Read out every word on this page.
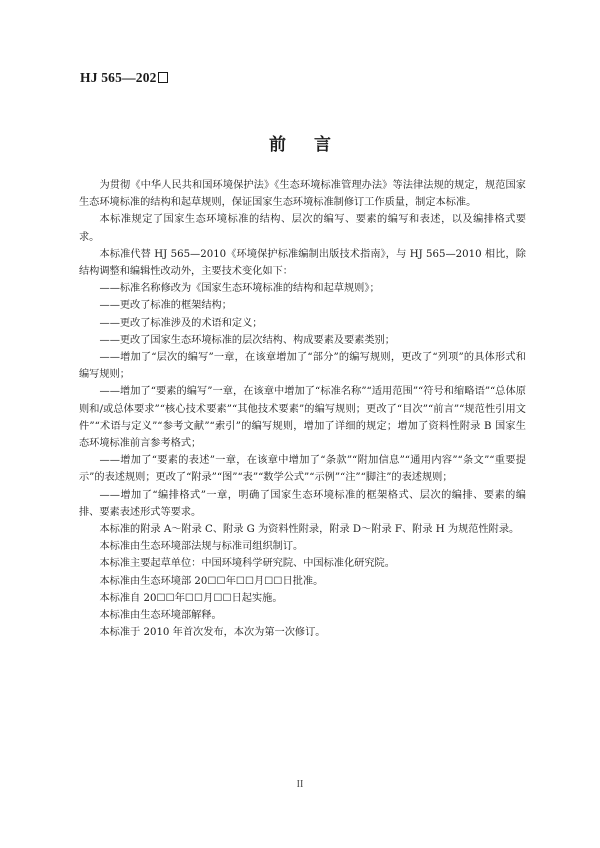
HJ 565—202
前 言

为贯彻《中华人民共和国环境保护法》《生态环境标准管理办法》等法律法规的规定，规范国家生态环境标准的结构和起草规则，保证国家生态环境标准制修订工作质量，制定本标准。

本标准规定了国家生态环境标准的结构、层次的编写、要素的编写和表述，以及编排格式要求。

本标准代替 HJ 565—2010《环境保护标准编制出版技术指南》，与 HJ 565—2010 相比，除结构调整和编辑性改动外，主要技术变化如下：

——标准名称修改为《国家生态环境标准的结构和起草规则》；

——更改了标准的框架结构；

——更改了标准涉及的术语和定义；

——更改了国家生态环境标准的层次结构、构成要素及要素类别；

——增加了“层次的编写”一章，在该章增加了“部分”的编写规则，更改了“列项”的具体形式和编写规则；

——增加了“要素的编写”一章，在该章中增加了“标准名称”“适用范围”“符号和缩略语”“总体原则和/或总体要求”“核心技术要素”“其他技术要素”的编写规则；更改了“目次”“前言”“规范性引用文件”“术语与定义”“参考文献”“索引”的编写规则，增加了详细的规定；增加了资料性附录 B 国家生态环境标准前言参考格式；

——增加了“要素的表述”一章，在该章中增加了“条款”“附加信息”“通用内容”“条文”“重要提示”的表述规则；更改了“附录”“图”“表”“数学公式”“示例”“注”“脚注”的表述规则；

——增加了“编排格式”一章，明确了国家生态环境标准的框架格式、层次的编排、要素的编排、要素表述形式等要求。

本标准的附录 A～附录 C、附录 G 为资料性附录，附录 D～附录 F、附录 H 为规范性附录。

本标准由生态环境部法规与标准司组织制订。

本标准主要起草单位：中国环境科学研究院、中国标准化研究院。

本标准由生态环境部 20☐☐年☐☐月☐☐日批准。

本标准自 20☐☐年☐☐月☐☐日起实施。

本标准由生态环境部解释。

本标准于 2010 年首次发布，本次为第一次修订。

II
